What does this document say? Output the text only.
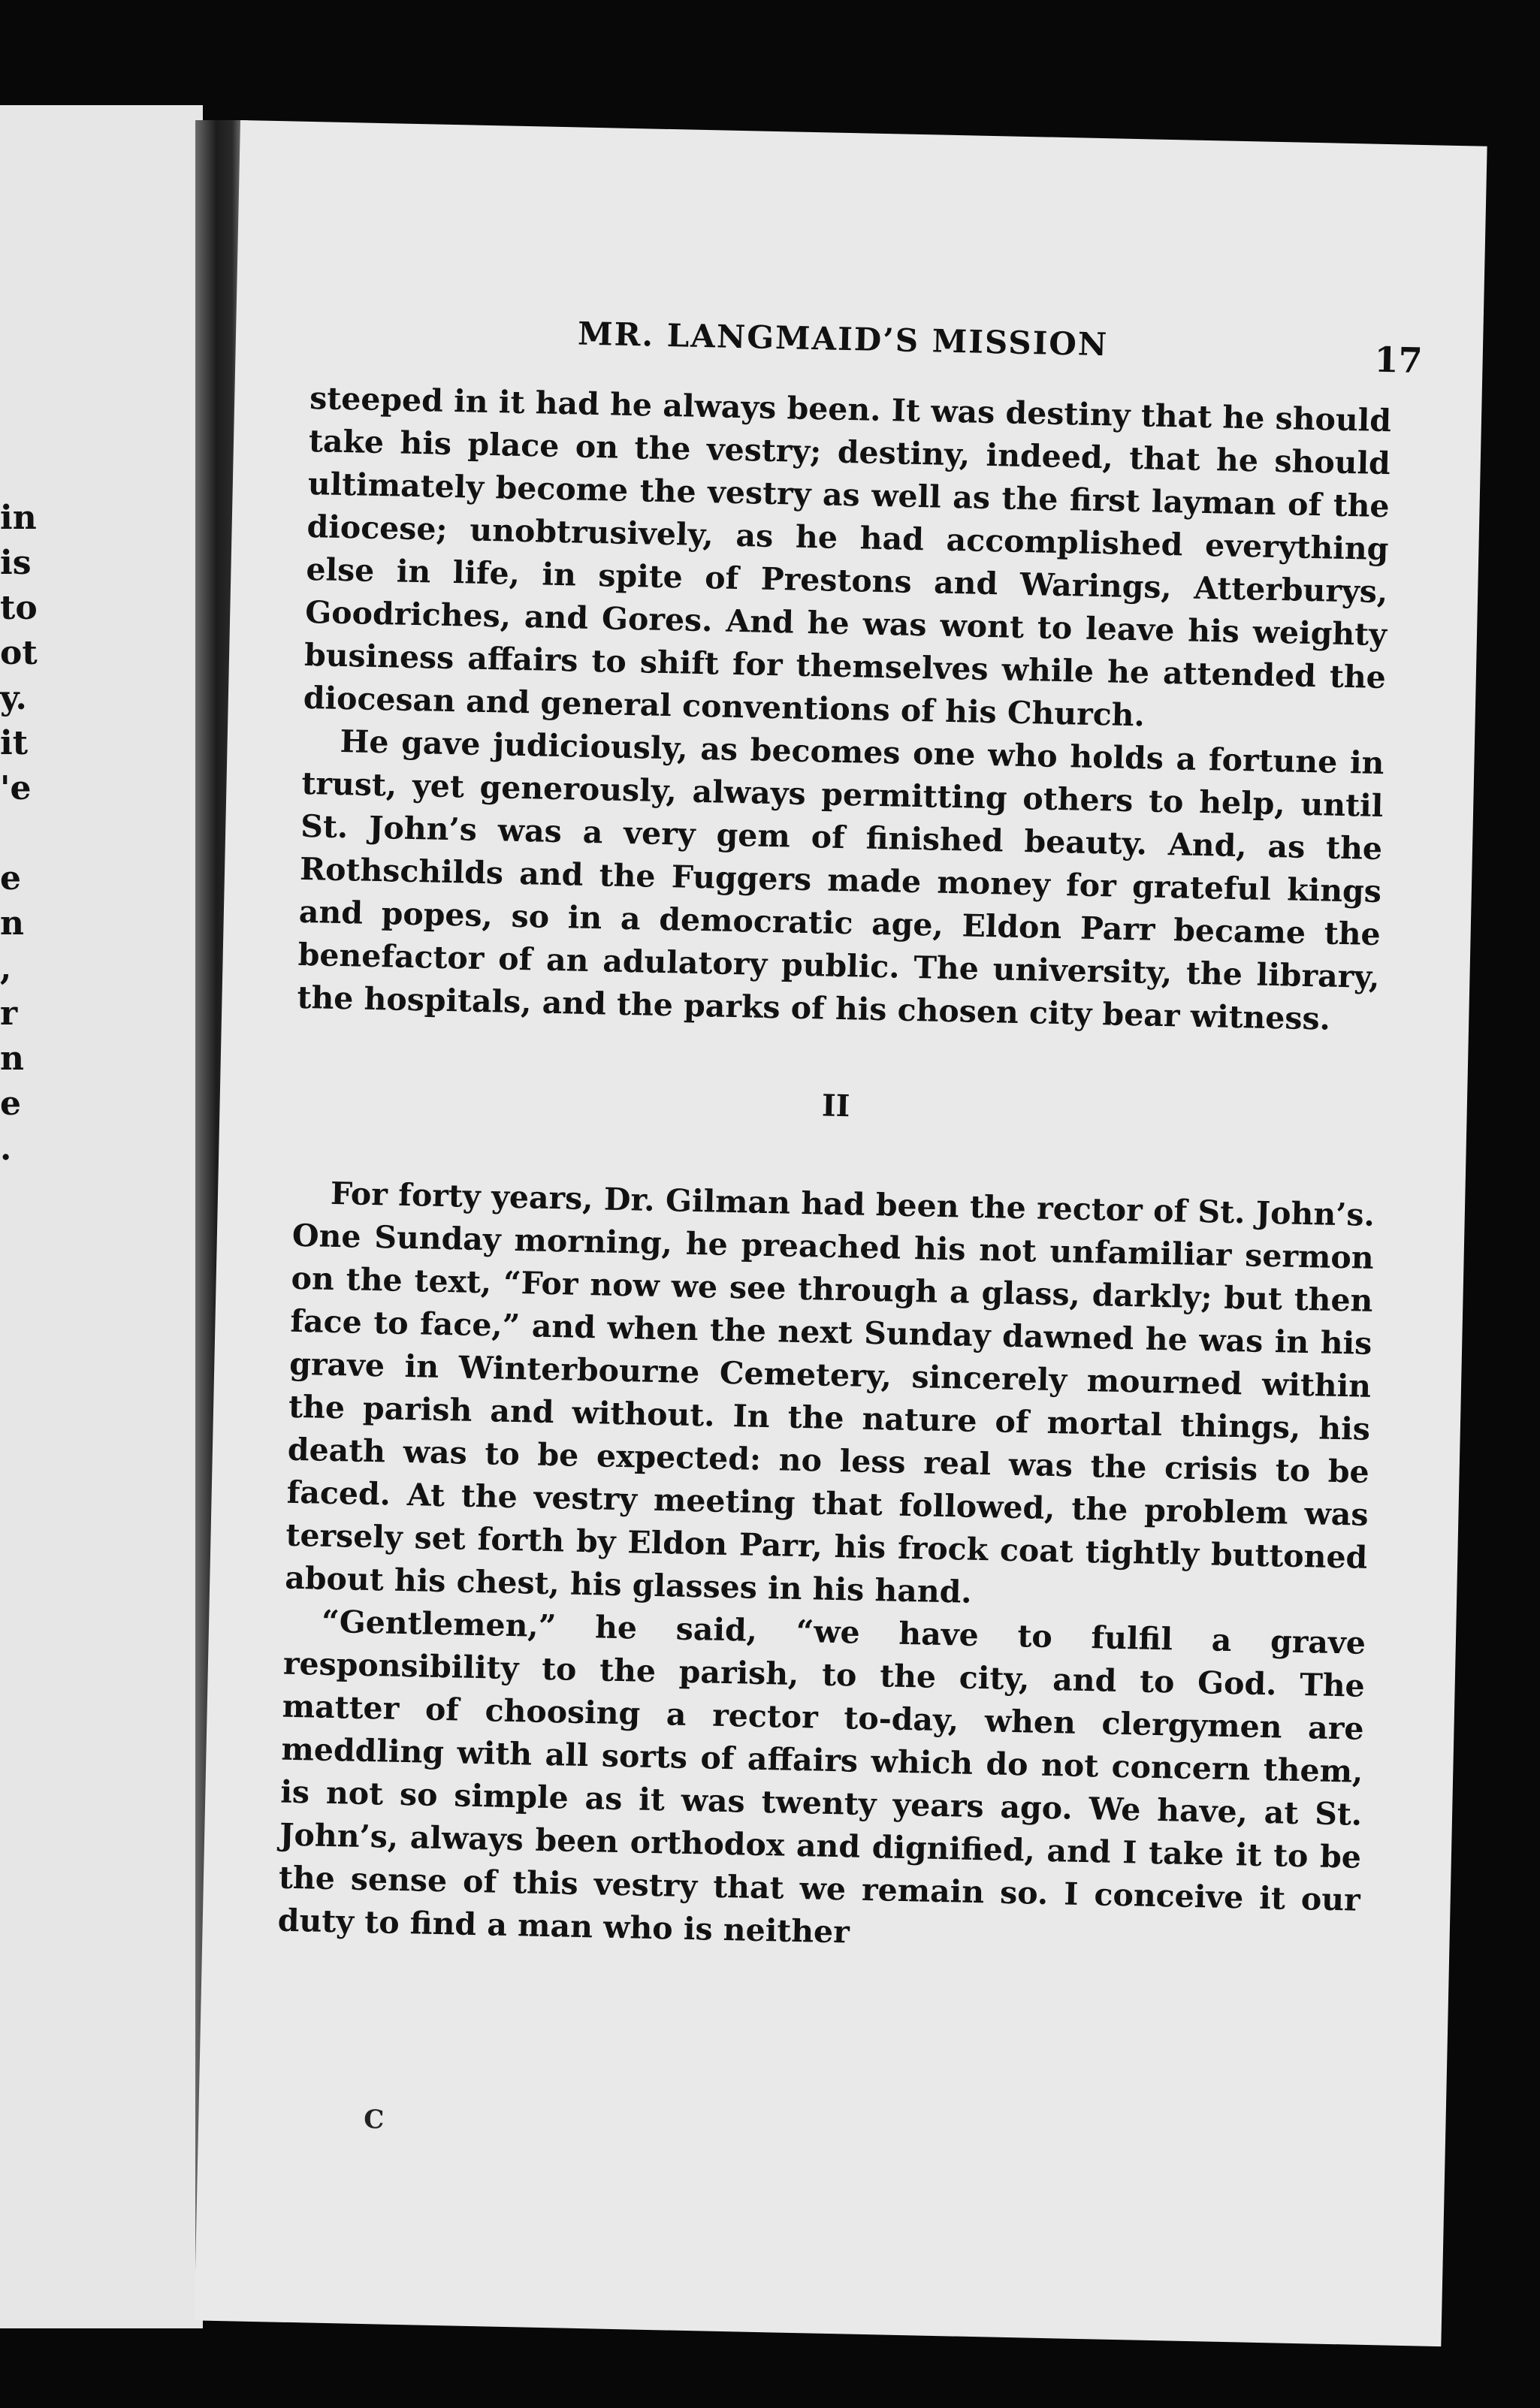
in
is
to
ot
y.
it
'e
e
n
,
r
n
e
.
MR. LANGMAID’S MISSION	17

steeped in it had he always been. It was destiny that he should take his place on the vestry; destiny, indeed, that he should ultimately become the vestry as well as the first layman of the diocese; unobtrusively, as he had accomplished everything else in life, in spite of Prestons and Warings, Atterburys, Goodriches, and Gores. And he was wont to leave his weighty business affairs to shift for themselves while he attended the diocesan and general conventions of his Church.

He gave judiciously, as becomes one who holds a fortune in trust, yet generously, always permitting others to help, until St. John’s was a very gem of finished beauty. And, as the Rothschilds and the Fuggers made money for grateful kings and popes, so in a democratic age, Eldon Parr became the benefactor of an adulatory public. The university, the library, the hospitals, and the parks of his chosen city bear witness.

II

For forty years, Dr. Gilman had been the rector of St. John’s. One Sunday morning, he preached his not unfamiliar sermon on the text, “For now we see through a glass, darkly; but then face to face,” and when the next Sunday dawned he was in his grave in Winterbourne Cemetery, sincerely mourned within the parish and without. In the nature of mortal things, his death was to be expected: no less real was the crisis to be faced. At the vestry meeting that followed, the problem was tersely set forth by Eldon Parr, his frock coat tightly buttoned about his chest, his glasses in his hand.

“Gentlemen,” he said, “we have to fulfil a grave responsibility to the parish, to the city, and to God. The matter of choosing a rector to-day, when clergymen are meddling with all sorts of affairs which do not concern them, is not so simple as it was twenty years ago. We have, at St. John’s, always been orthodox and dignified, and I take it to be the sense of this vestry that we remain so. I conceive it our duty to find a man who is neither

C
